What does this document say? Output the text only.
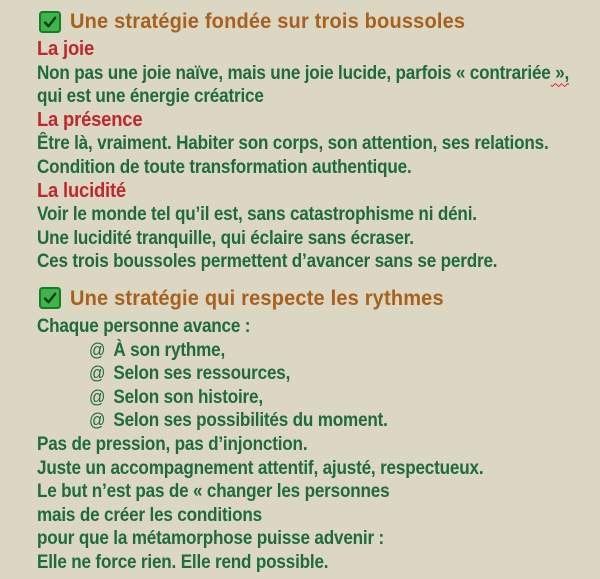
Une stratégie fondée sur trois boussoles
La joie
Non pas une joie naïve, mais une joie lucide, parfois « contrariée »,
qui est une énergie créatrice
La présence
Être là, vraiment. Habiter son corps, son attention, ses relations.
Condition de toute transformation authentique.
La lucidité
Voir le monde tel qu’il est, sans catastrophisme ni déni.
Une lucidité tranquille, qui éclaire sans écraser.
Ces trois boussoles permettent d’avancer sans se perdre.
Une stratégie qui respecte les rythmes
Chaque personne avance :
@ À son rythme,
@ Selon ses ressources,
@ Selon son histoire,
@ Selon ses possibilités du moment.
Pas de pression, pas d’injonction.
Juste un accompagnement attentif, ajusté, respectueux.
Le but n’est pas de « changer les personnes
mais de créer les conditions
pour que la métamorphose puisse advenir :
Elle ne force rien. Elle rend possible.
